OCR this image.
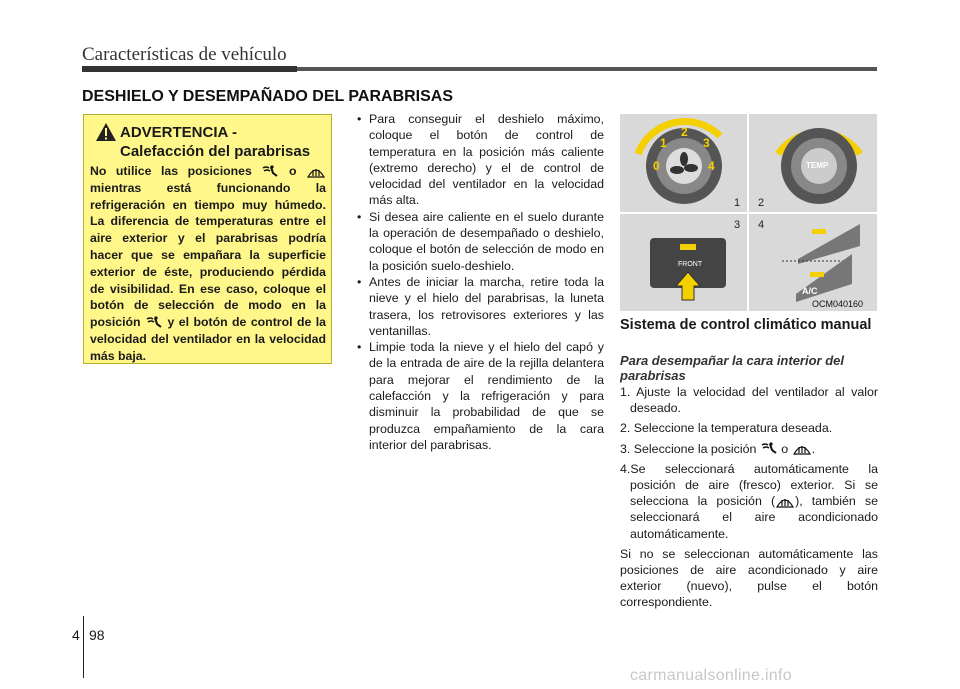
Características de vehículo
DESHIELO Y DESEMPAÑADO DEL PARABRISAS
ADVERTENCIA -
Calefacción del parabrisas
No utilice las posiciones	o  mientras está funcionando la refrigeración en tiempo muy húmedo. La diferencia de temperaturas entre el aire exterior y el parabrisas podría hacer que se empañara la superficie exterior de éste, produciendo pérdida de visibilidad. En ese caso, coloque el botón de selección de modo en la posición y el botón de control de la velocidad del ventilador en la velocidad más baja.
• Para conseguir el deshielo máximo, coloque el botón de control de temperatura en la posición más caliente (extremo derecho) y el de control de velocidad del ventilador en la velocidad más alta.
• Si desea aire caliente en el suelo durante la operación de desempañado o deshielo, coloque el botón de selección de modo en la posición suelo-deshielo.
• Antes de iniciar la marcha, retire toda la nieve y el hielo del parabrisas, la luneta trasera, los retrovisores exteriores y las ventanillas.
• Limpie toda la nieve y el hielo del capó y de la entrada de aire de la rejilla delantera para mejorar el rendimiento de la calefacción y la refrigeración y para disminuir la probabilidad de que se produzca empañamiento de la cara interior del parabrisas.
0
1
2
3
4	TEMP
1 2
3 4
FRONT
A/C
OCM040160
Sistema de control climático manual
Para desempañar la cara interior del parabrisas
1. Ajuste la velocidad del ventilador al valor deseado.
2. Seleccione la temperatura deseada.
3. Seleccione la posición o .
4.Se seleccionará automáticamente la posición de aire (fresco) exterior. Si se selecciona la posición ( ), también se seleccionará el aire acondicionado automáticamente.
Si no se seleccionan automáticamente las posiciones de aire acondicionado y aire exterior (nuevo), pulse el botón correspondiente.
4 98
carmanualsonline.info
